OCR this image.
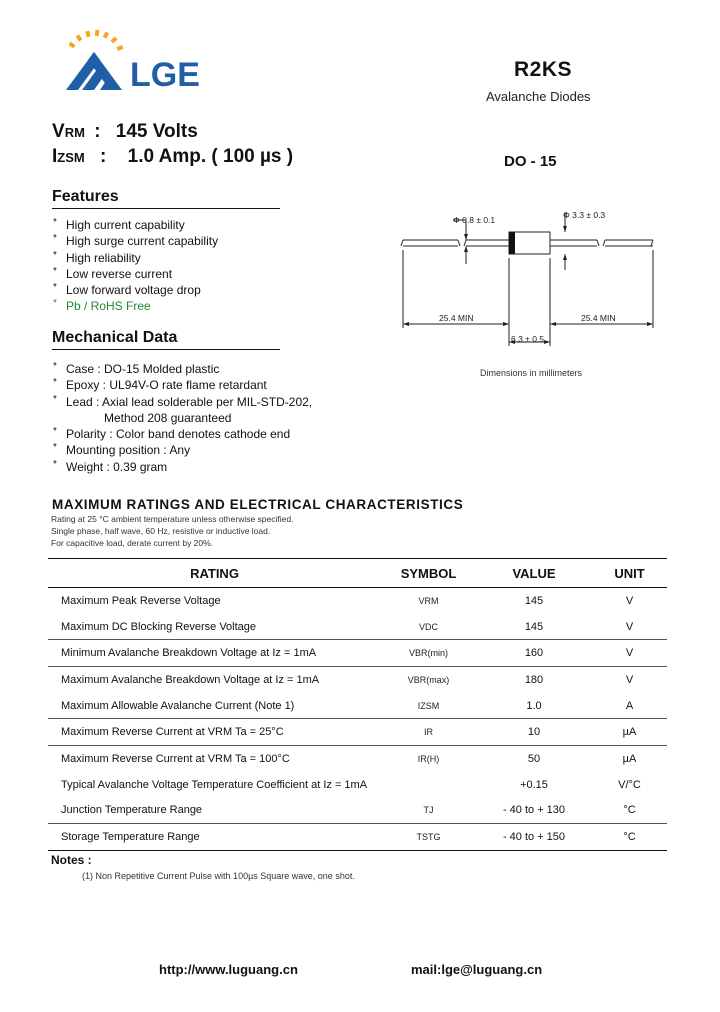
LGE	R2KS
Avalanche Diodes
VRM : 145 Volts
IZSM : 1.0 Amp. ( 100 µs )	DO - 15
Features
* High current capability
* High surge current capability
* High reliability
* Low reverse current
* Low forward voltage drop
* Pb / RoHS Free
Mechanical Data
* Case : DO-15 Molded plastic
* Epoxy : UL94V-O rate flame retardant
* Lead : Axial lead solderable per MIL-STD-202,
Method 208 guaranteed
* Polarity : Color band denotes cathode end
* Mounting position : Any
* Weight : 0.39 gram
Φ 0.8 ± 0.1	Φ 3.3 ± 0.3
25.4 MIN	25.4 MIN
6.3 ± 0.5
Dimensions in millimeters
MAXIMUM RATINGS AND ELECTRICAL CHARACTERISTICS
Rating at 25 °C ambient temperature unless otherwise specified.
Single phase, half wave, 60 Hz, resistive or inductive load.
For capacitive load, derate current by 20%.
RATING	SYMBOL	VALUE	UNIT
Maximum Peak Reverse Voltage	VRM	145	V
Maximum DC Blocking Reverse Voltage	VDC	145	V
Minimum Avalanche Breakdown Voltage at Iz = 1mA	VBR(min)	160	V
Maximum Avalanche Breakdown Voltage at Iz = 1mA	VBR(max)	180	V
Maximum Allowable Avalanche Current (Note 1)	IZSM	1.0	A
Maximum Reverse Current at VRM Ta = 25°C	IR	10	µA
Maximum Reverse Current at VRM Ta = 100°C	IR(H)	50	µA
Typical Avalanche Voltage Temperature Coefficient at Iz = 1mA		+0.15	V/°C
Junction Temperature Range	TJ	- 40 to + 130	°C
Storage Temperature Range	TSTG	- 40 to + 150	°C
Notes :
(1) Non Repetitive Current Pulse with 100µs Square wave, one shot.
http://www.luguang.cn	mail:lge@luguang.cn
